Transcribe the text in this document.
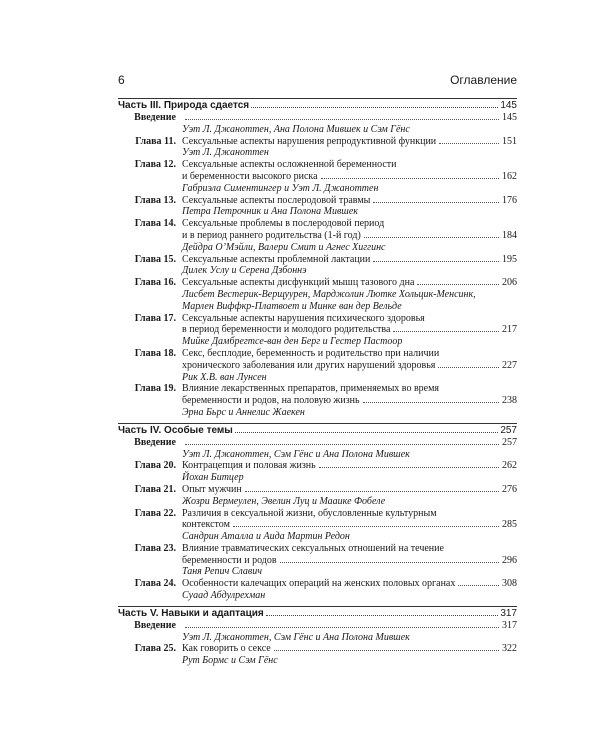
6	Оглавление
Часть III. Природа сдается	145
Введение	145
Уэт Л. Джаноттен, Ана Полона Мившек и Сэм Гёнс
Глава 11. Сексуальные аспекты нарушения репродуктивной функции	151
Уэт Л. Джаноттен
Глава 12. Сексуальные аспекты осложненной беременности
и беременности высокого риска	162
Габриэла Симентингер и Уэт Л. Джаноттен
Глава 13. Сексуальные аспекты послеродовой травмы	176
Петра Петрочник и Ана Полона Мившек
Глава 14. Сексуальные проблемы в послеродовой период
и в период раннего родительства (1-й год)	184
Дейдра О’Мэйли, Валери Смит и Агнес Хиггинс
Глава 15. Сексуальные аспекты проблемной лактации	195
Дилек Услу и Серена Дзбоннэ
Глава 16. Сексуальные аспекты дисфункций мышц тазового дна	206
Лисбет Вестерик-Верщуурен, Марджолин Лютке Хольцик-Менсинк,
Марлен Виффкр-Платвоет и Минке ван дер Вельде
Глава 17. Сексуальные аспекты нарушения психического здоровья
в период беременности и молодого родительства	217
Мийке Дамбрегтсе-ван ден Берг и Гестер Пастоор
Глава 18. Секс, бесплодие, беременность и родительство при наличии
хронического заболевания или других нарушений здоровья	227
Рик Х.В. ван Лунсен
Глава 19. Влияние лекарственных препаратов, применяемых во время
беременности и родов, на половую жизнь	238
Эрна Бьрс и Аннелис Жаекен
Часть IV. Особые темы	257
Введение	257
Уэт Л. Джаноттен, Сэм Гёнс и Ана Полона Мившек
Глава 20. Контрацепция и половая жизнь	262
Йохан Битцер
Глава 21. Опыт мужчин	276
Жозри Вермеулен, Эвелин Луц и Мааике Фобеле
Глава 22. Различия в сексуальной жизни, обусловленные культурным
контекстом	285
Сандрин Аталла и Аида Мартин Редон
Глава 23. Влияние травматических сексуальных отношений на течение
беременности и родов	296
Таня Репич Славич
Глава 24. Особенности калечащих операций на женских половых органах	308
Суаад Абдулрехман
Часть V. Навыки и адаптация	317
Введение	317
Уэт Л. Джаноттен, Сэм Гёнс и Ана Полона Мившек
Глава 25. Как говорить о сексе	322
Рут Бормс и Сэм Гёнс
